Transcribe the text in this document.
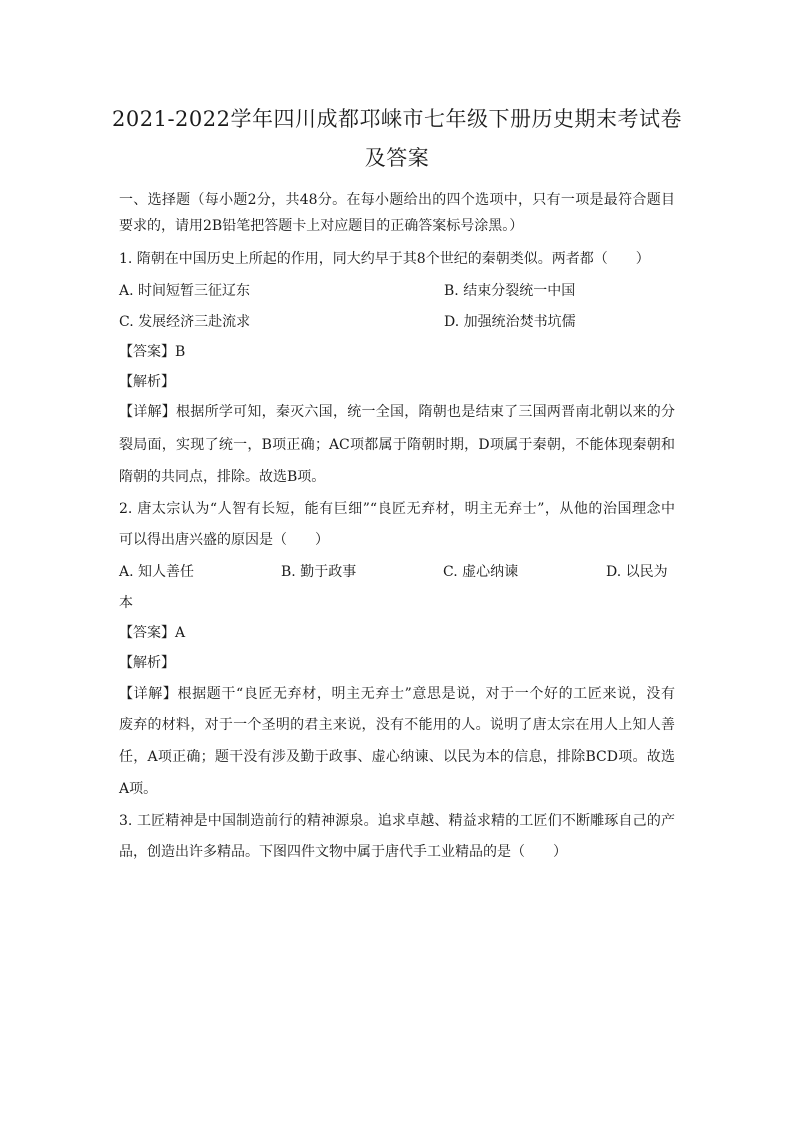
2021-2022学年四川成都邛崃市七年级下册历史期末考试卷
及答案
一、选择题（每小题2分，共48分。在每小题给出的四个选项中，只有一项是最符合题目
要求的，请用2B铅笔把答题卡上对应题目的正确答案标号涂黑。）
1. 隋朝在中国历史上所起的作用，同大约早于其8个世纪的秦朝类似。两者都（　　）
A. 时间短暂三征辽东	B. 结束分裂统一中国
C. 发展经济三赴流求	D. 加强统治焚书坑儒
【答案】B
【解析】
【详解】根据所学可知，秦灭六国，统一全国，隋朝也是结束了三国两晋南北朝以来的分
裂局面，实现了统一，B项正确；AC项都属于隋朝时期，D项属于秦朝，不能体现秦朝和
隋朝的共同点，排除。故选B项。
2. 唐太宗认为“人智有长短，能有巨细”“良匠无弃材，明主无弃士”，从他的治国理念中
可以得出唐兴盛的原因是（　　）
A. 知人善任	B. 勤于政事	C. 虚心纳谏	D. 以民为
本
【答案】A
【解析】
【详解】根据题干“良匠无弃材，明主无弃士”意思是说，对于一个好的工匠来说，没有
废弃的材料，对于一个圣明的君主来说，没有不能用的人。说明了唐太宗在用人上知人善
任，A项正确；题干没有涉及勤于政事、虚心纳谏、以民为本的信息，排除BCD项。故选
A项。
3. 工匠精神是中国制造前行的精神源泉。追求卓越、精益求精的工匠们不断雕琢自己的产
品，创造出许多精品。下图四件文物中属于唐代手工业精品的是（　　）
